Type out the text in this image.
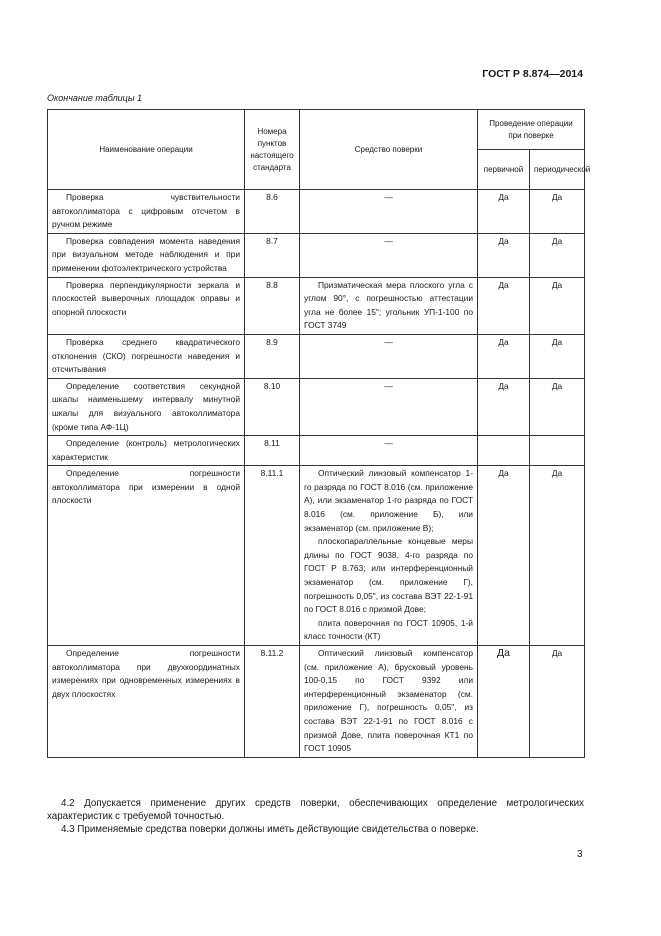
ГОСТ Р 8.874—2014
Окончание таблицы 1
Наименование операции	Номера пунктов настоящего стандарта	Средство поверки	Проведение операции при поверке	
			первичной	периодической
Проверка чувствительности автоколлиматора с цифровым отсчетом в ручном режиме	8.6	—	Да	Да
Проверка совпадения момента наведения при визуальном методе наблюдения и при применении фотоэлектрического устройства	8.7	—	Да	Да
Проверка перпендикулярности зеркала и плоскостей выверочных площадок оправы и опорной плоскости	8.8	Призматическая мера плоского угла с углом 90°, с погрешностью аттестации угла не более 15"; угольник УП-1-100 по ГОСТ 3749	Да	Да
Проверка среднего квадратического отклонения (СКО) погрешности наведения и отсчитывания	8.9	—	Да	Да
Определение соответствия секундной шкалы наименьшему интервалу минутной шкалы для визуального автоколлиматора (кроме типа АФ-1Ц)	8.10	—	Да	Да
Определение (контроль) метрологических характеристик	8.11	—		
Определение погрешности автоколлиматора при измерении в одной плоскости	8.11.1	Оптический линзовый компенсатор 1-го разряда по ГОСТ 8.016 (см. приложение А), или экзаменатор 1-го разряда по ГОСТ 8.016 (см. приложение Б), или экзаменатор (см. приложение В);
плоскопараллельные концевые меры длины по ГОСТ 9038, 4-го разряда по ГОСТ Р 8.763; или интерференционный экзаменатор (см. приложение Г), погрешность 0,05", из состава ВЭТ 22-1-91 по ГОСТ 8.016 с призмой Дове;
плита поверочная по ГОСТ 10905, 1-й класс точности (КТ)	Да	Да
Определение погрешности автоколлиматора при двухкоординатных измерениях при одновременных измерениях в двух плоскостях	8.11.2	Оптический линзовый компенсатор (см. приложение А), брусковый уровень 100-0,15 по ГОСТ 9392 или интерференционный экзаменатор (см. приложение Г), погрешность 0,05", из состава ВЭТ 22-1-91 по ГОСТ 8.016 с призмой Дове, плита поверочная КТ1 по ГОСТ 10905	Да	Да
4.2 Допускается применение других средств поверки, обеспечивающих определение метрологических характеристик с требуемой точностью.
4.3 Применяемые средства поверки должны иметь действующие свидетельства о поверке.
3
